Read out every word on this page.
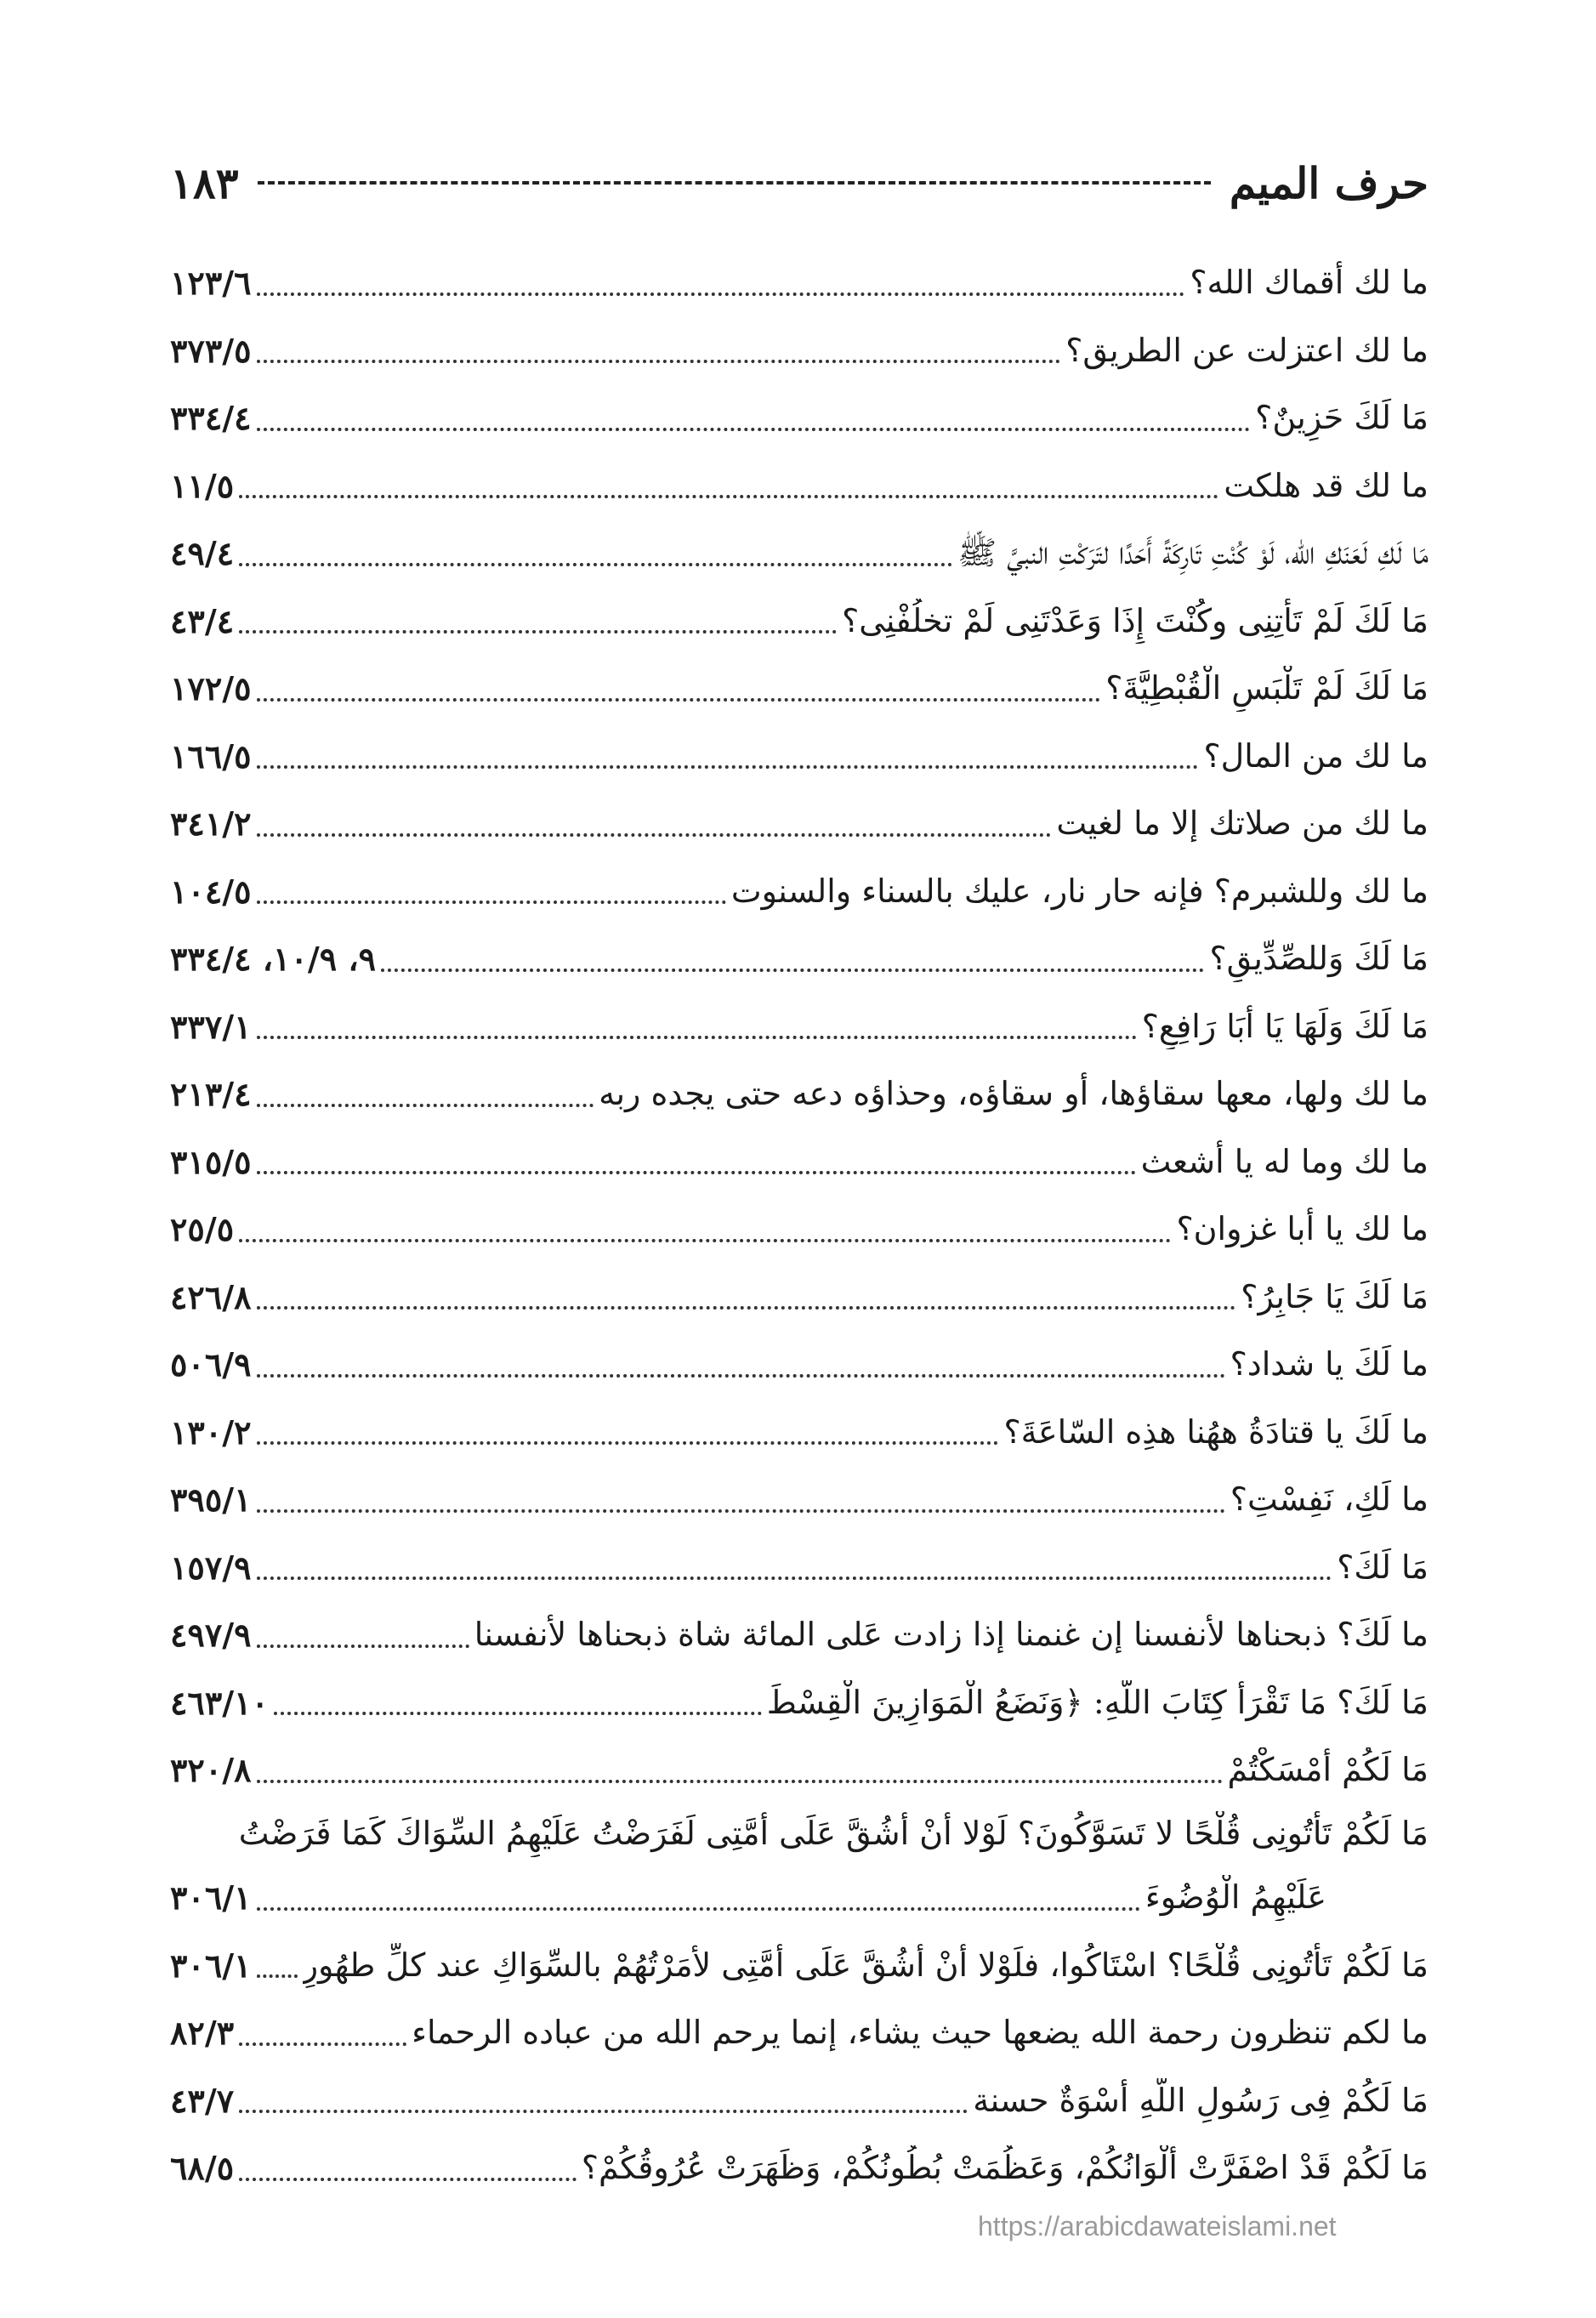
حرف الميم
١٨٣
ما لك أقماك الله؟
١٢٣/٦
ما لك اعتزلت عن الطريق؟
٣٧٣/٥
مَا لَكَ حَزِينٌ؟
٣٣٤/٤
ما لك قد هلكت
١١/٥
مَا لَكِ لَعَنَكِ الله، لَوْ كُنْتِ تَارِكَةً أَحَدًا لتَرَكْتِ النبيَّ ﷺ
٤٩/٤
مَا لَكَ لَمْ تَأْتِنِى وكُنْتَ إِذَا وَعَدْتَنِى لَمْ تخلُفْنِى؟
٤٣/٤
مَا لَكَ لَمْ تَلْبَسِ الْقُبْطِيَّةَ؟
١٧٢/٥
ما لك من المال؟
١٦٦/٥
ما لك من صلاتك إلا ما لغيت
٣٤١/٢
ما لك وللشبرم؟ فإنه حار نار، عليك بالسناء والسنوت
١٠٤/٥
مَا لَكَ وَللصِّدِّيقِ؟
٩، ١٠/٩، ٣٣٤/٤
مَا لَكَ وَلَهَا يَا أَبَا رَافِعٍ؟
٣٣٧/١
ما لك ولها، معها سقاؤها، أو سقاؤه، وحذاؤه دعه حتى يجده ربه
٢١٣/٤
ما لك وما له يا أشعث
٣١٥/٥
ما لك يا أبا غزوان؟
٢٥/٥
مَا لَكَ يَا جَابِرُ؟
٤٢٦/٨
ما لَكَ يا شداد؟
٥٠٦/٩
ما لَكَ يا قتادَةُ ههُنا هذِه السّاعَةَ؟
١٣٠/٢
ما لَكِ، نَفِسْتِ؟
٣٩٥/١
مَا لَكَ؟
١٥٧/٩
ما لَكَ؟ ذبحناها لأنفسنا إن غنمنا إذا زادت عَلى المائة شاة ذبحناها لأنفسنا
٤٩٧/٩
مَا لَكَ؟ مَا تَقْرَأُ كِتَابَ اللَّهِ: ﴿وَنَضَعُ الْمَوَازِينَ الْقِسْطَ
٤٦٣/١٠
مَا لَكُمْ أَمْسَكْتُمْ
٣٢٠/٨
مَا لَكُمْ تَأْتُونِى قُلْحًا لا تَسَوَّكُونَ؟ لَوْلا أَنْ أَشُقَّ عَلَى أُمَّتِى لَفَرَضْتُ عَلَيْهِمُ السِّوَاكَ كَمَا فَرَضْتُ
عَلَيْهِمُ الْوُضُوءَ
٣٠٦/١
مَا لَكُمْ تَأْتُونِى قُلْحًا؟ اسْتَاكُوا، فلَوْلا أَنْ أَشُقَّ عَلَى أُمَّتِى لأمَرْتُهُمْ بالسِّوَاكِ عند كلِّ طهُورٍ
٣٠٦/١
ما لكم تنظرون رحمة الله يضعها حيث يشاء، إنما يرحم الله من عباده الرحماء
٨٢/٣
مَا لَكُمْ فِى رَسُولِ اللَّهِ أُسْوَةٌ حسنة
٤٣/٧
مَا لَكُمْ قَدْ اصْفَرَّتْ أَلْوَانُكُمْ، وَعَظُمَتْ بُطُونُكُمْ، وَظَهَرَتْ عُرُوقُكُمْ؟
٦٨/٥
https://arabicdawateislami.net
